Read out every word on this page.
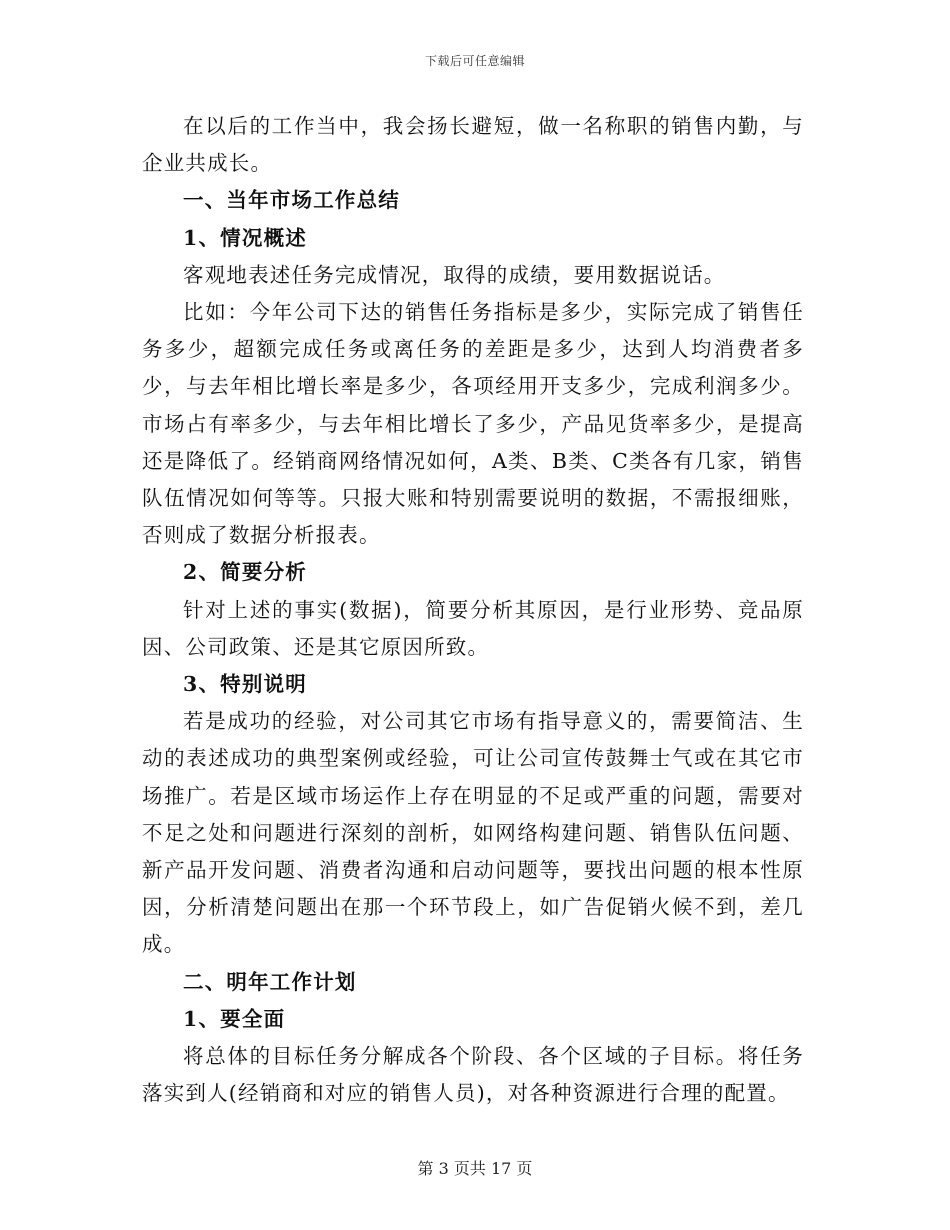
下载后可任意编辑

在以后的工作当中，我会扬长避短，做一名称职的销售内勤，与企业共成长。

一、当年市场工作总结

1、情况概述

客观地表述任务完成情况，取得的成绩，要用数据说话。

比如：今年公司下达的销售任务指标是多少，实际完成了销售任务多少，超额完成任务或离任务的差距是多少，达到人均消费者多少，与去年相比增长率是多少，各项经用开支多少，完成利润多少。市场占有率多少，与去年相比增长了多少，产品见货率多少，是提高还是降低了。经销商网络情况如何，A类、B类、C类各有几家，销售队伍情况如何等等。只报大账和特别需要说明的数据，不需报细账，否则成了数据分析报表。

2、简要分析

针对上述的事实(数据)，简要分析其原因，是行业形势、竞品原因、公司政策、还是其它原因所致。

3、特别说明

若是成功的经验，对公司其它市场有指导意义的，需要简洁、生动的表述成功的典型案例或经验，可让公司宣传鼓舞士气或在其它市场推广。若是区域市场运作上存在明显的不足或严重的问题，需要对不足之处和问题进行深刻的剖析，如网络构建问题、销售队伍问题、新产品开发问题、消费者沟通和启动问题等，要找出问题的根本性原因，分析清楚问题出在那一个环节段上，如广告促销火候不到，差几成。

二、明年工作计划

1、要全面

将总体的目标任务分解成各个阶段、各个区域的子目标。将任务落实到人(经销商和对应的销售人员)，对各种资源进行合理的配置。

第 3 页共 17 页
